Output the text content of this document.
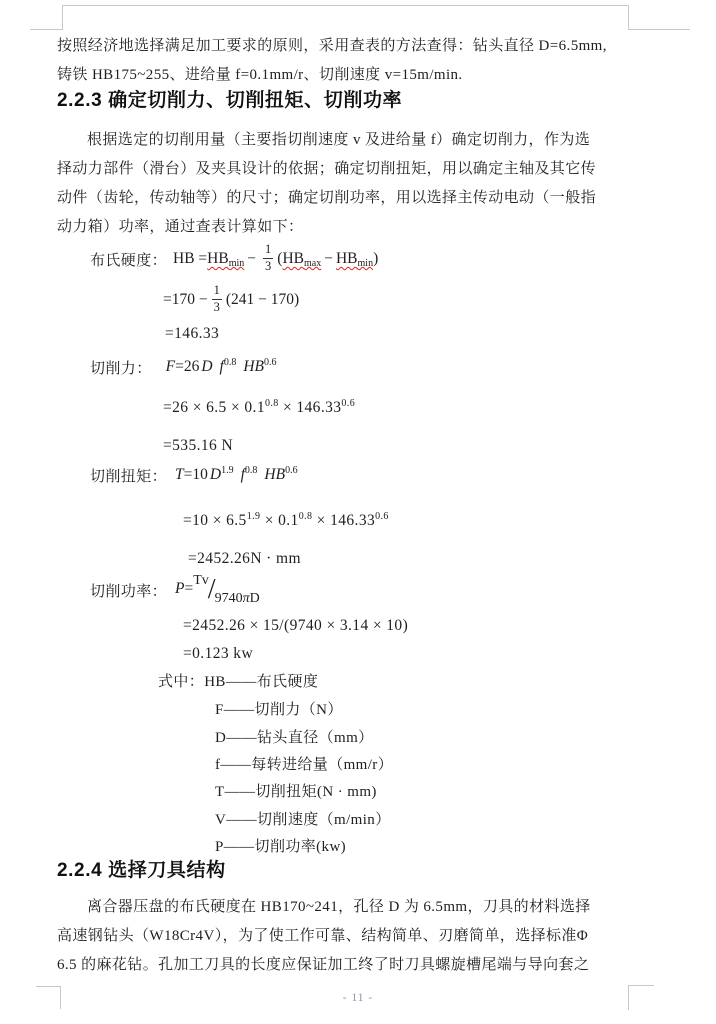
按照经济地选择满足加工要求的原则，采用查表的方法查得：钻头直径 D=6.5mm,
铸铁 HB175~255、进给量 f=0.1mm/r、切削速度 v=15m/min.
2.2.3 确定切削力、切削扭矩、切削功率
根据选定的切削用量（主要指切削速度 v 及进给量 f）确定切削力，作为选
择动力部件（滑台）及夹具设计的依据；确定切削扭矩，用以确定主轴及其它传
动件（齿轮，传动轴等）的尺寸；确定切削功率，用以选择主传动电动（一般指
动力箱）功率，通过查表计算如下：
布氏硬度： HB = $HB_{min} - \frac{1}{3}$ ( $HB_{max} - HB_{min}$ )
$=170 - \frac{1}{3} (241 - 170)$
=146.33
切削力： F=26 D $f^{0.8}$ $HB^{0.6}$
$=26 \times 6.5 \times 0.1^{0.8} \times 146.33^{0.6}$
=535.16 N
切削扭矩： T=10 $D^{1.9}$ $f^{0.8}$ $HB^{0.6}$
$=10 \times 6.5^{1.9} \times 0.1^{0.8} \times 146.33^{0.6}$
=2452.26N · mm
切削功率： P=Tv/9740πD
=2452.26 × 15/(9740 × 3.14 × 10)
=0.123 kw
式中：HB——布氏硬度
F——切削力（N）
D——钻头直径（mm）
f——每转进给量（mm/r）
T——切削扭矩(N · mm)
V——切削速度（m/min）
P——切削功率(kw)
2.2.4 选择刀具结构
离合器压盘的布氏硬度在 HB170~241，孔径 D 为 6.5mm，刀具的材料选择
高速钢钻头（W18Cr4V），为了使工作可靠、结构简单、刃磨简单，选择标准Φ
6.5 的麻花钻。孔加工刀具的长度应保证加工终了时刀具螺旋槽尾端与导向套之
- 11 -
